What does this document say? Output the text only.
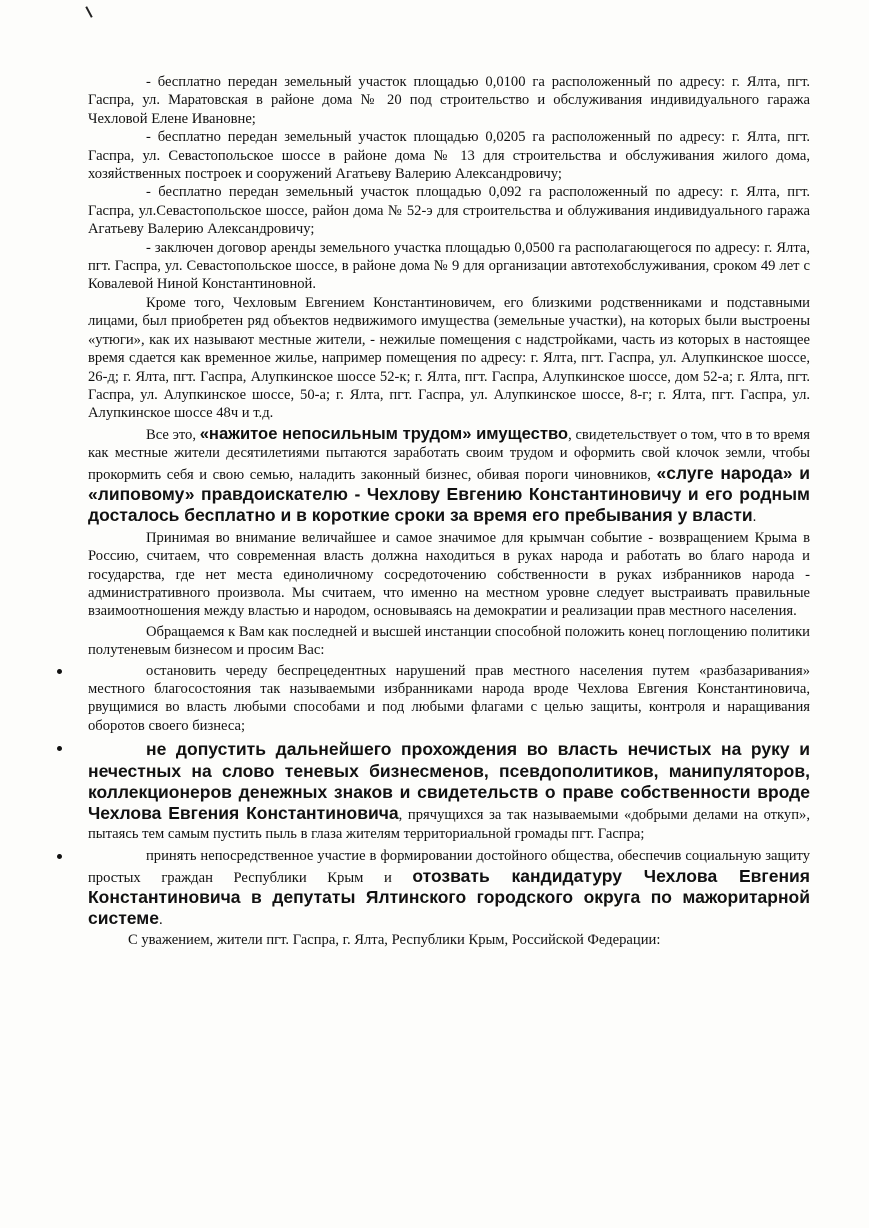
- бесплатно передан земельный участок площадью 0,0100 га расположенный по адресу: г. Ялта, пгт. Гаспра, ул. Маратовская в районе дома № 20 под строительство и обслуживания индивидуального гаража Чехловой Елене Ивановне;

- бесплатно передан земельный участок площадью 0,0205 га расположенный по адресу: г. Ялта, пгт. Гаспра, ул. Севастопольское шоссе в районе дома № 13 для строительства и обслуживания жилого дома, хозяйственных построек и сооружений Агатьеву Валерию Александровичу;

- бесплатно передан земельный участок площадью 0,092 га расположенный по адресу: г. Ялта, пгт. Гаспра, ул.Севастопольское шоссе, район дома № 52-э для строительства и облуживания индивидуального гаража Агатьеву Валерию Александровичу;

- заключен договор аренды земельного участка площадью 0,0500 га располагающегося по адресу: г. Ялта, пгт. Гаспра, ул. Севастопольское шоссе, в районе дома № 9 для организации автотехобслуживания, сроком 49 лет с Ковалевой Ниной Константиновной.

Кроме того, Чехловым Евгением Константиновичем, его близкими родственниками и подставными лицами, был приобретен ряд объектов недвижимого имущества (земельные участки), на которых были выстроены «утюги», как их называют местные жители, - нежилые помещения с надстройками, часть из которых в настоящее время сдается как временное жилье, например помещения по адресу: г. Ялта, пгт. Гаспра, ул. Алупкинское шоссе, 26-д; г. Ялта, пгт. Гаспра, Алупкинское шоссе 52-к; г. Ялта, пгт. Гаспра, Алупкинское шоссе, дом 52-а; г. Ялта, пгт. Гаспра, ул. Алупкинское шоссе, 50-а; г. Ялта, пгт. Гаспра, ул. Алупкинское шоссе, 8-г; г. Ялта, пгт. Гаспра, ул. Алупкинское шоссе 48ч и т.д.

Все это, «нажитое непосильным трудом» имущество, свидетельствует о том, что в то время как местные жители десятилетиями пытаются заработать своим трудом и оформить свой клочок земли, чтобы прокормить себя и свою семью, наладить законный бизнес, обивая пороги чиновников, «слуге народа» и «липовому» правдоискателю - Чехлову Евгению Константиновичу и его родным досталось бесплатно и в короткие сроки за время его пребывания у власти.

Принимая во внимание величайшее и самое значимое для крымчан событие - возвращением Крыма в Россию, считаем, что современная власть должна находиться в руках народа и работать во благо народа и государства, где нет места единоличному сосредоточению собственности в руках избранников народа - административного произвола. Мы считаем, что именно на местном уровне следует выстраивать правильные взаимоотношения между властью и народом, основываясь на демократии и реализации прав местного населения.

Обращаемся к Вам как последней и высшей инстанции способной положить конец поглощению политики полутеневым бизнесом и просим Вас:

остановить череду беспрецедентных нарушений прав местного населения путем «разбазаривания» местного благосостояния так называемыми избранниками народа вроде Чехлова Евгения Константиновича, рвущимися во власть любыми способами и под любыми флагами с целью защиты, контроля и наращивания оборотов своего бизнеса;

не допустить дальнейшего прохождения во власть нечистых на руку и нечестных на слово теневых бизнесменов, псевдополитиков, манипуляторов, коллекционеров денежных знаков и свидетельств о праве собственности вроде Чехлова Евгения Константиновича, прячущихся за так называемыми «добрыми делами на откуп», пытаясь тем самым пустить пыль в глаза жителям территориальной громады пгт. Гаспра;

принять непосредственное участие в формировании достойного общества, обеспечив социальную защиту простых граждан Республики Крым и отозвать кандидатуру Чехлова Евгения Константиновича в депутаты Ялтинского городского округа по мажоритарной системе.

С уважением, жители пгт. Гаспра, г. Ялта, Республики Крым, Российской Федерации:
